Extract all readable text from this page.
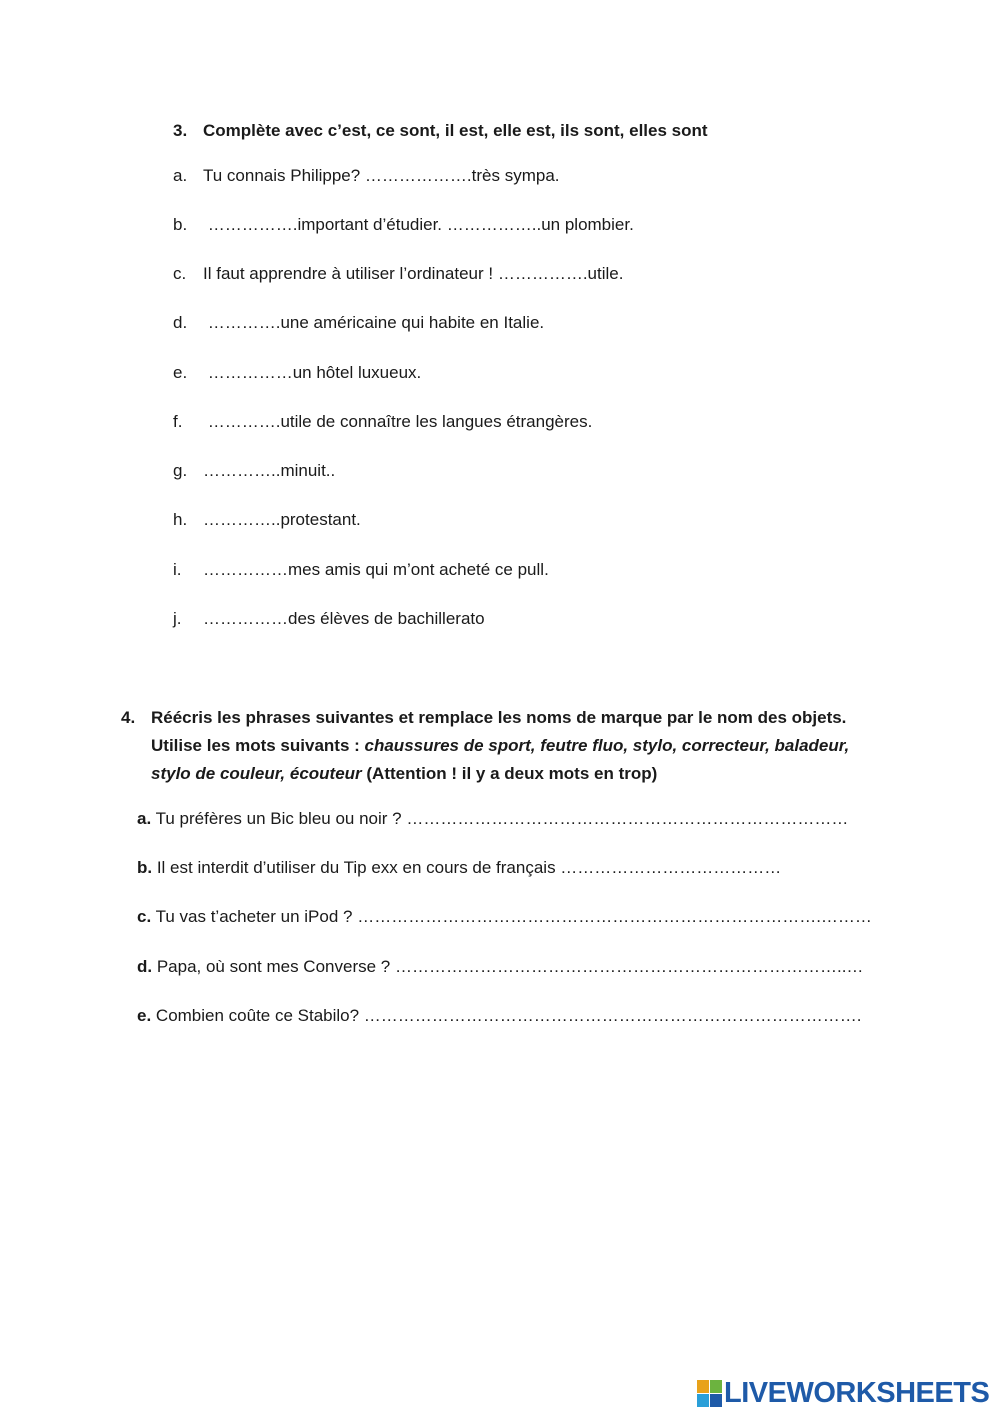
3. Complète avec c’est, ce sont, il est, elle est, ils sont, elles sont
a. Tu connais Philippe? ……………….très sympa.
b. …………….important d’étudier. ……………..un plombier.
c. Il faut apprendre à utiliser l’ordinateur ! …………….utile.
d. ………….une américaine qui habite en Italie.
e. ……………un hôtel luxueux.
f. ………….utile de connaître les langues étrangères.
g. …………..minuit..
h. …………..protestant.
i. ……………mes amis qui m’ont acheté ce pull.
j. ……………des élèves de bachillerato
4. Réécris les phrases suivantes et remplace les noms de marque par le nom des objets.
Utilise les mots suivants : chaussures de sport, feutre fluo, stylo, correcteur, baladeur,
stylo de couleur, écouteur (Attention ! il y a deux mots en trop)
a. Tu préfères un Bic bleu ou noir ? ……………………………………………………………………
b. Il est interdit d’utiliser du Tip exx en cours de français …………………………………
c. Tu vas t’acheter un iPod ? ……………………………………………………………………….………
d. Papa, où sont mes Converse ? ……………………………………………………………………..…
e. Combien coûte ce Stabilo? …………………………………………………………………………….
LIVEWORKSHEETS
